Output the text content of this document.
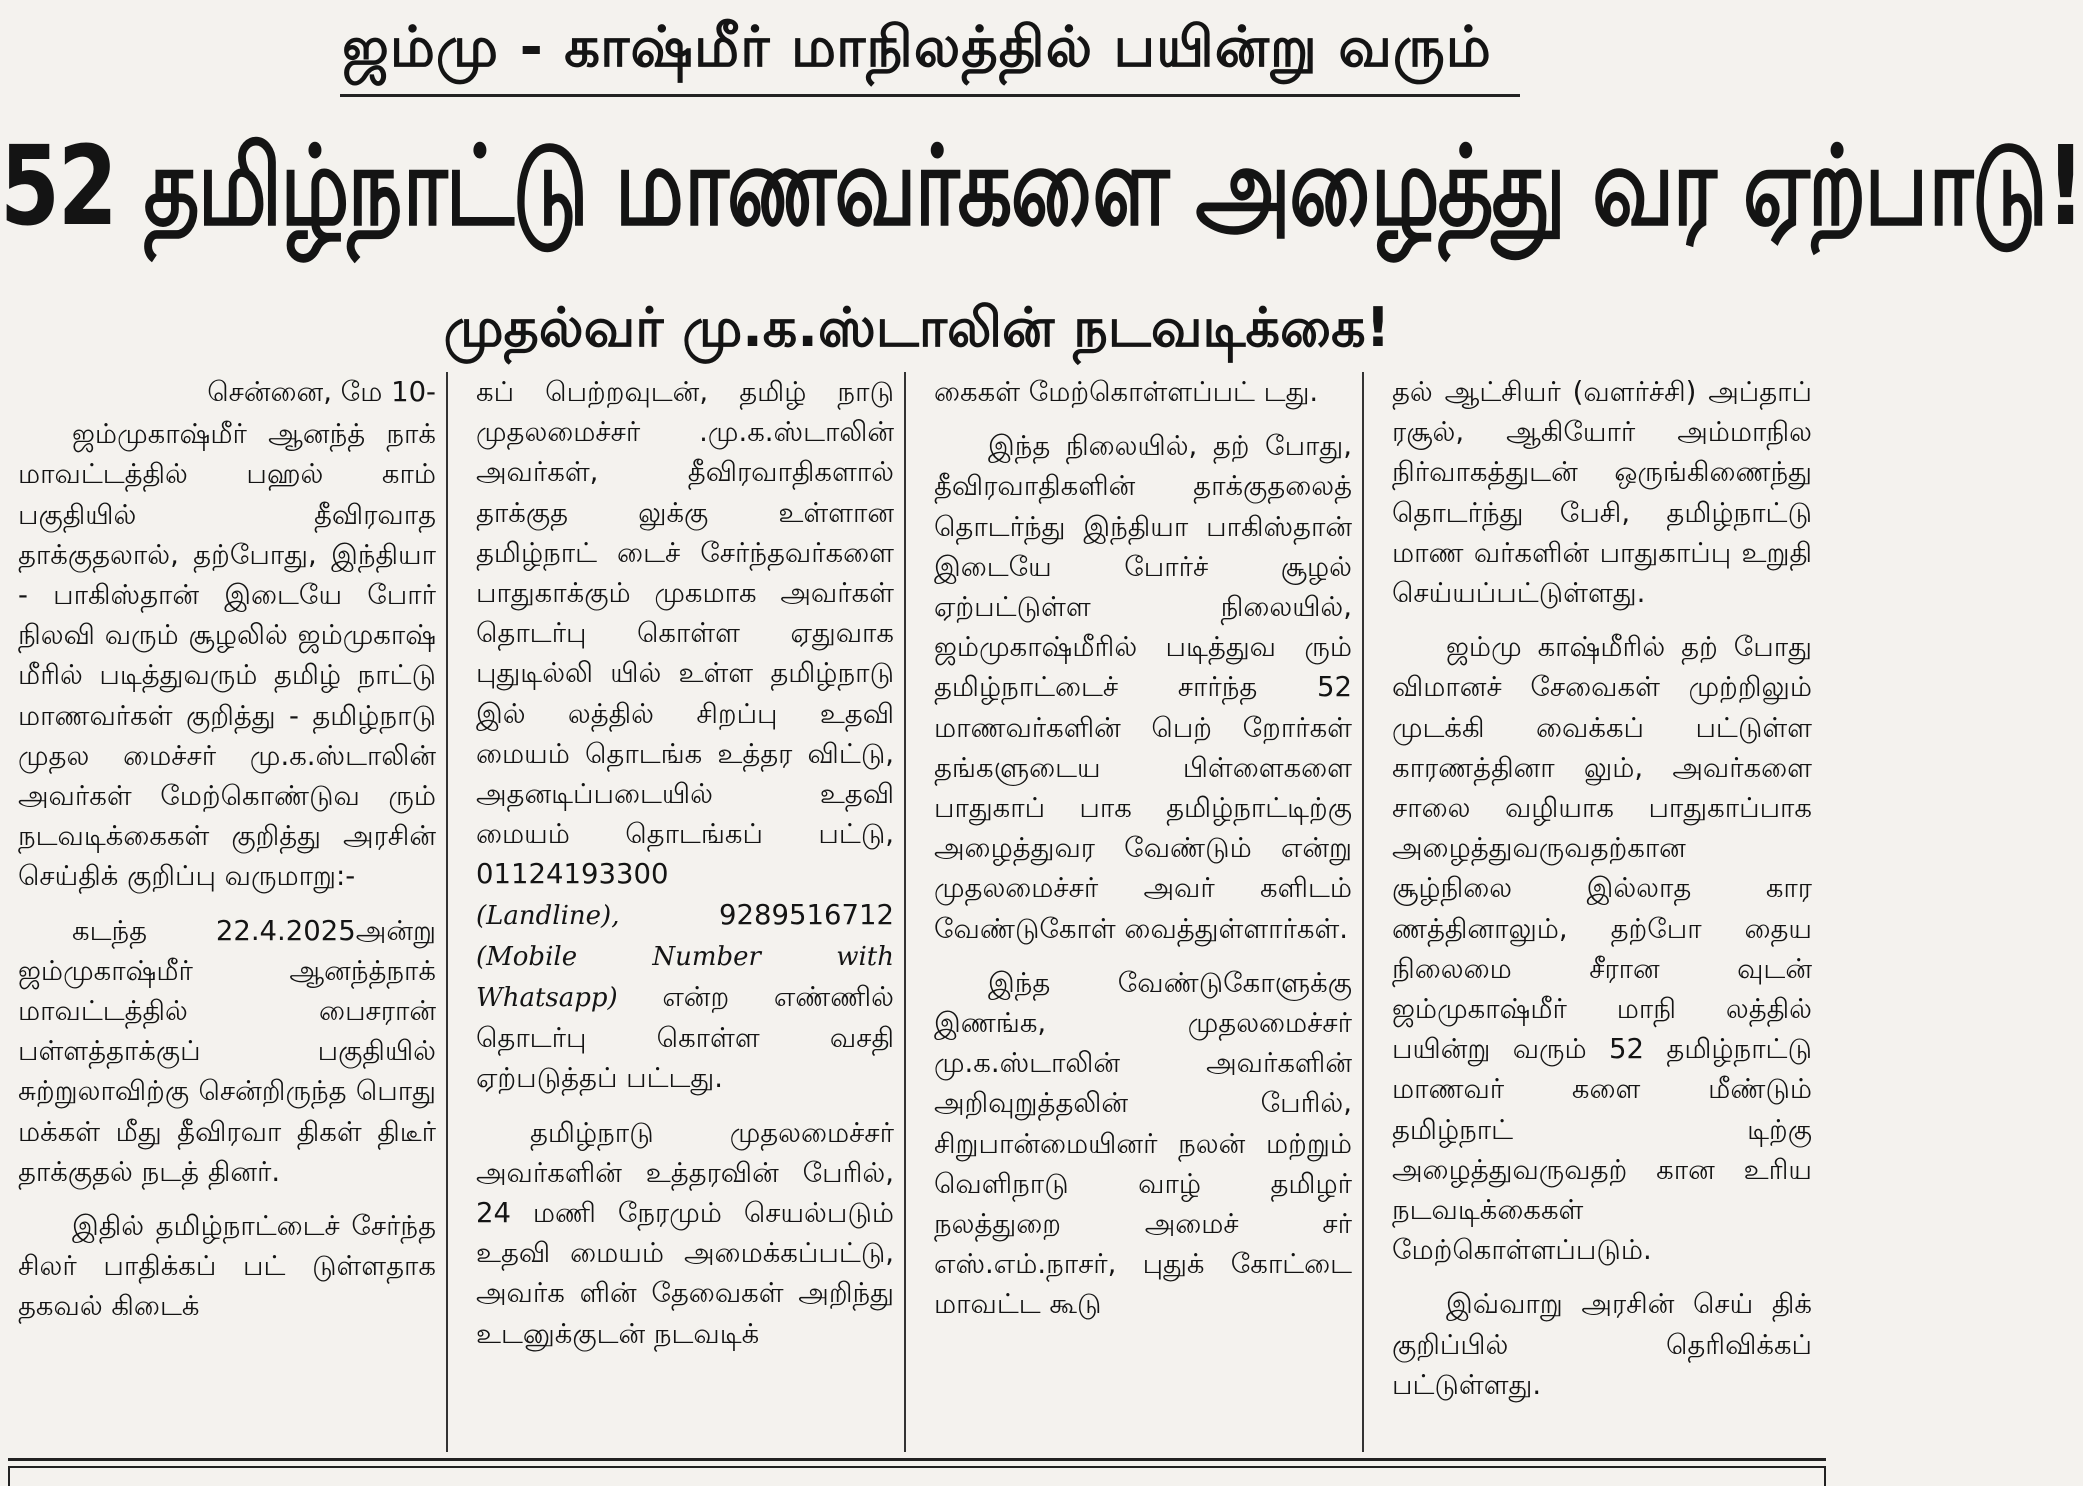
ஜம்மு - காஷ்மீர் மாநிலத்தில் பயின்று வரும்
52 தமிழ்நாட்டு மாணவர்களை அழைத்து வர ஏற்பாடு!
முதல்வர் மு.க.ஸ்டாலின் நடவடிக்கை!
சென்னை, மே 10-

ஜம்முகாஷ்மீர் ஆனந்த் நாக் மாவட்டத்தில் பஹல் காம் பகுதியில் தீவிரவாத தாக்குதலால், தற்போது, இந்தியா - பாகிஸ்தான் இடையே போர் நிலவி வரும் சூழலில் ஜம்முகாஷ் மீரில் படித்துவரும் தமிழ் நாட்டு மாணவர்கள் குறித்து - தமிழ்நாடு முதல மைச்சர் மு.க.ஸ்டாலின் அவர்கள் மேற்கொண்டுவ ரும் நடவடிக்கைகள் குறித்து அரசின் செய்திக் குறிப்பு வருமாறு:-

கடந்த 22.4.2025அன்று ஜம்முகாஷ்மீர் ஆனந்த்நாக் மாவட்டத்தில் பைசரான் பள்ளத்தாக்குப் பகுதியில் சுற்றுலாவிற்கு சென்றிருந்த பொது மக்கள் மீது தீவிரவா திகள் திடீர் தாக்குதல் நடத் தினர்.

இதில் தமிழ்நாட்டைச் சேர்ந்த சிலர் பாதிக்கப் பட் டுள்ளதாக தகவல் கிடைக்

கப் பெற்றவுடன், தமிழ் நாடு முதலமைச்சர் .மு.க.ஸ்டாலின் அவர்கள், தீவிரவாதிகளால் தாக்குத லுக்கு உள்ளான தமிழ்நாட் டைச் சேர்ந்தவர்களை பாதுகாக்கும் முகமாக அவர்கள் தொடர்பு கொள்ள ஏதுவாக புதுடில்லி யில் உள்ள தமிழ்நாடு இல் லத்தில் சிறப்பு உதவி மையம் தொடங்க உத்தர விட்டு, அதனடிப்படையில் உதவி மையம் தொடங்கப் பட்டு, 01124193300
(Landline),	9289516712

(Mobile Number with Whatsapp) என்ற எண்ணில் தொடர்பு கொள்ள வசதி ஏற்படுத்தப் பட்டது.

தமிழ்நாடு முதலமைச்சர் அவர்களின் உத்தரவின் பேரில், 24 மணி நேரமும் செயல்படும் உதவி மையம் அமைக்கப்பட்டு, அவர்க ளின் தேவைகள் அறிந்து உடனுக்குடன் நடவடிக்

கைகள் மேற்கொள்ளப்பட் டது.

இந்த நிலையில், தற் போது, தீவிரவாதிகளின் தாக்குதலைத் தொடர்ந்து இந்தியா பாகிஸ்தான் இடையே போர்ச் சூழல் ஏற்பட்டுள்ள நிலையில், ஜம்முகாஷ்மீரில் படித்துவ ரும் தமிழ்நாட்டைச் சார்ந்த 52 மாணவர்களின் பெற் றோர்கள் தங்களுடைய பிள்ளைகளை பாதுகாப் பாக தமிழ்நாட்டிற்கு அழைத்துவர வேண்டும் என்று முதலமைச்சர் அவர் களிடம் வேண்டுகோள் வைத்துள்ளார்கள்.

இந்த வேண்டுகோளுக்கு இணங்க, முதலமைச்சர் மு.க.ஸ்டாலின் அவர்களின் அறிவுறுத்தலின் பேரில், சிறுபான்மையினர் நலன் மற்றும் வெளிநாடு வாழ் தமிழர் நலத்துறை அமைச் சர் எஸ்.எம்.நாசர், புதுக் கோட்டை மாவட்ட கூடு

தல் ஆட்சியர் (வளர்ச்சி) அப்தாப் ரசூல், ஆகியோர் அம்மாநில நிர்வாகத்துடன் ஒருங்கிணைந்து தொடர்ந்து பேசி, தமிழ்நாட்டு மாண வர்களின் பாதுகாப்பு உறுதி செய்யப்பட்டுள்ளது.

ஜம்மு காஷ்மீரில் தற் போது விமானச் சேவைகள் முற்றிலும் முடக்கி வைக்கப் பட்டுள்ள காரணத்தினா லும், அவர்களை சாலை வழியாக பாதுகாப்பாக அழைத்துவருவதற்கான சூழ்நிலை இல்லாத கார ணத்தினாலும், தற்போ தைய நிலைமை சீரான வுடன் ஜம்முகாஷ்மீர் மாநி லத்தில் பயின்று வரும் 52 தமிழ்நாட்டு மாணவர் களை மீண்டும் தமிழ்நாட் டிற்கு அழைத்துவருவதற் கான உரிய நடவடிக்கைகள் மேற்கொள்ளப்படும்.

இவ்வாறு அரசின் செய் திக் குறிப்பில் தெரிவிக்கப் பட்டுள்ளது.
